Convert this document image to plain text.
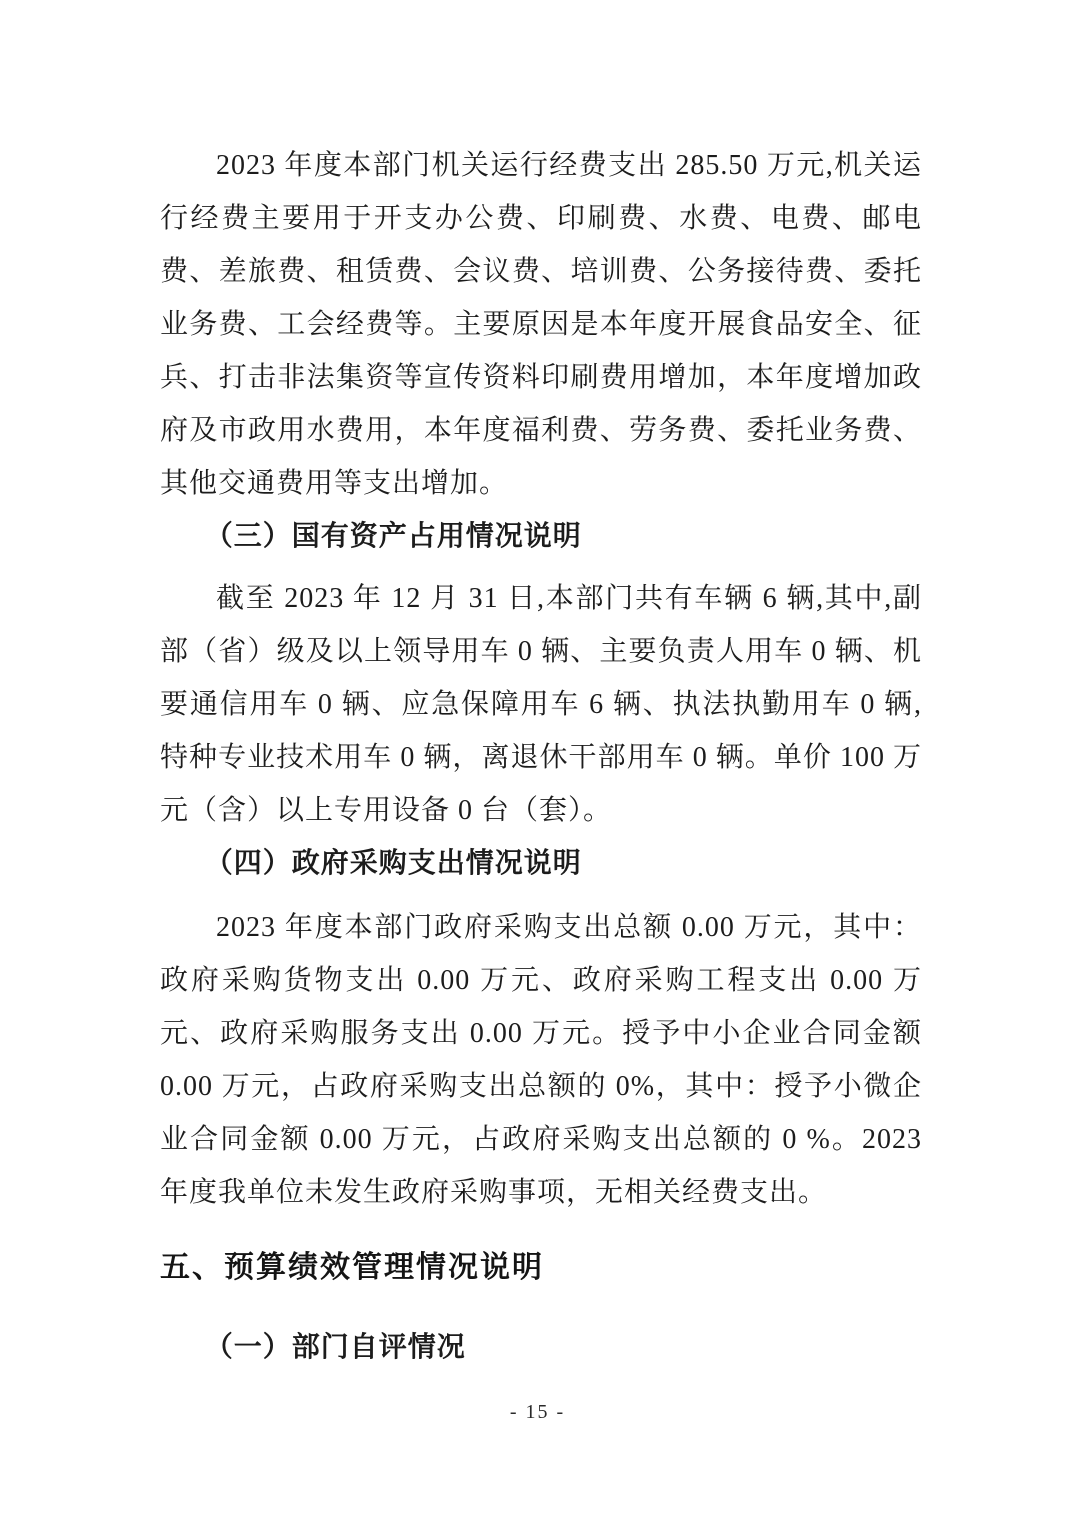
2023 年度本部门机关运行经费支出 285.50 万元,机关运行经费主要用于开支办公费、印刷费、水费、电费、邮电费、差旅费、租赁费、会议费、培训费、公务接待费、委托业务费、工会经费等。主要原因是本年度开展食品安全、征兵、打击非法集资等宣传资料印刷费用增加，本年度增加政府及市政用水费用，本年度福利费、劳务费、委托业务费、其他交通费用等支出增加。

（三）国有资产占用情况说明

截至 2023 年 12 月 31 日,本部门共有车辆 6 辆,其中,副部（省）级及以上领导用车 0 辆、主要负责人用车 0 辆、机要通信用车 0 辆、应急保障用车 6 辆、执法执勤用车 0 辆,特种专业技术用车 0 辆，离退休干部用车 0 辆。单价 100 万元（含）以上专用设备 0 台（套）。

（四）政府采购支出情况说明

2023 年度本部门政府采购支出总额 0.00 万元，其中：政府采购货物支出 0.00 万元、政府采购工程支出 0.00 万元、政府采购服务支出 0.00 万元。授予中小企业合同金额 0.00 万元，占政府采购支出总额的 0%，其中：授予小微企业合同金额 0.00 万元，占政府采购支出总额的 0 %。2023 年度我单位未发生政府采购事项，无相关经费支出。

五、预算绩效管理情况说明
（一）部门自评情况
- 15 -
